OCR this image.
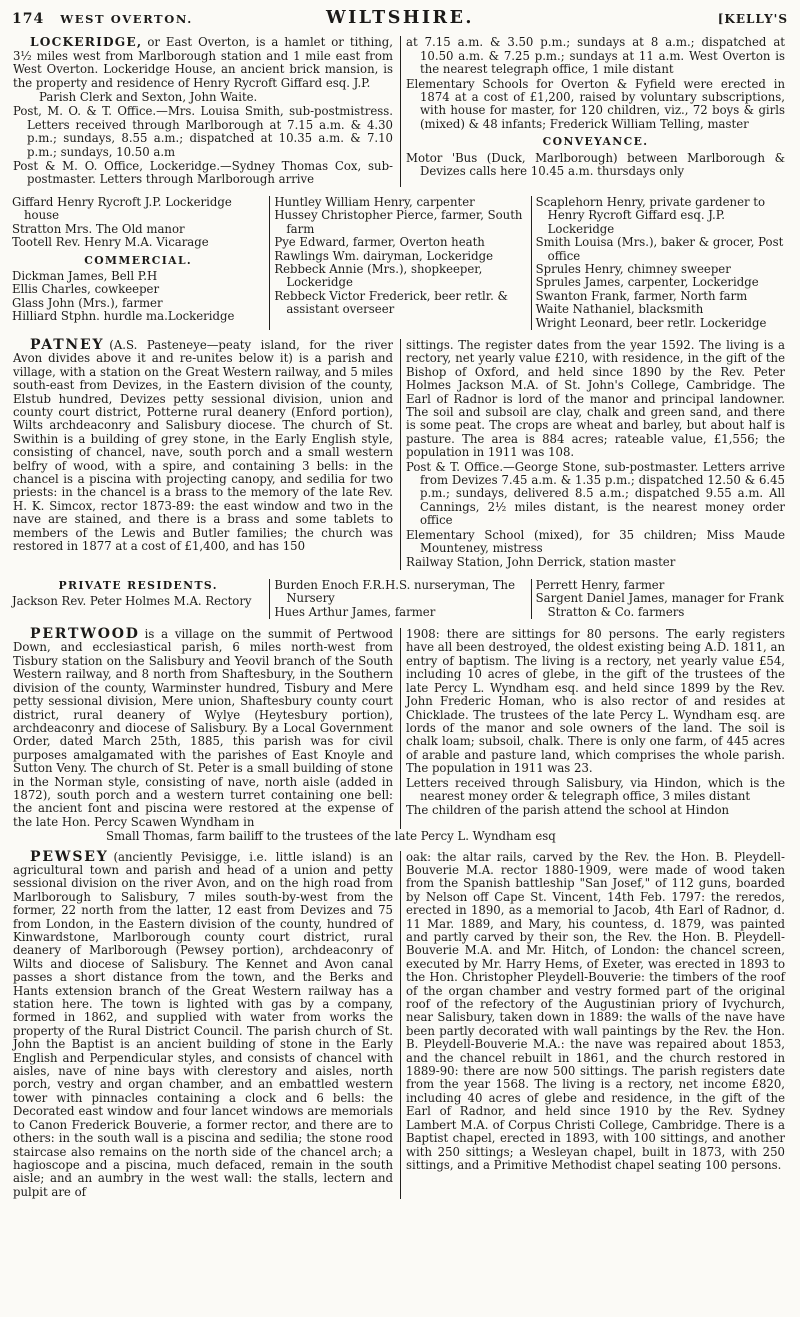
174 WEST OVERTON.	WILTSHIRE.	[KELLY'S

LOCKERIDGE, or East Overton, is a hamlet or tithing, 3½ miles west from Marlborough station and 1 mile east from West Overton. Lockeridge House, an ancient brick mansion, is the property and residence of Henry Rycroft Giffard esq. J.P.

Parish Clerk and Sexton, John Waite.

Post, M. O. & T. Office.—Mrs. Louisa Smith, sub-postmistress. Letters received through Marlborough at 7.15 a.m. & 4.30 p.m.; sundays, 8.55 a.m.; dispatched at 10.35 a.m. & 7.10 p.m.; sundays, 10.50 a.m

Post & M. O. Office, Lockeridge.—Sydney Thomas Cox, sub-postmaster. Letters through Marlborough arrive

at 7.15 a.m. & 3.50 p.m.; sundays at 8 a.m.; dispatched at 10.50 a.m. & 7.25 p.m.; sundays at 11 a.m. West Overton is the nearest telegraph office, 1 mile distant

Elementary Schools for Overton & Fyfield were erected in 1874 at a cost of £1,200, raised by voluntary subscriptions, with house for master, for 120 children, viz., 72 boys & girls (mixed) & 48 infants; Frederick William Telling, master

CONVEYANCE.

Motor 'Bus (Duck, Marlborough) between Marlborough & Devizes calls here 10.45 a.m. thursdays only

Giffard Henry Rycroft J.P. Lockeridge house
Stratton Mrs. The Old manor
Tootell Rev. Henry M.A. Vicarage
COMMERCIAL.
Dickman James, Bell P.H
Ellis Charles, cowkeeper
Glass John (Mrs.), farmer
Hilliard Stphn. hurdle ma.Lockeridge
Huntley William Henry, carpenter
Hussey Christopher Pierce, farmer, South farm
Pye Edward, farmer, Overton heath
Rawlings Wm. dairyman, Lockeridge
Rebbeck Annie (Mrs.), shopkeeper, Lockeridge
Rebbeck Victor Frederick, beer retlr. & assistant overseer
Scaplehorn Henry, private gardener to Henry Rycroft Giffard esq. J.P. Lockeridge
Smith Louisa (Mrs.), baker & grocer, Post office
Sprules Henry, chimney sweeper
Sprules James, carpenter, Lockeridge
Swanton Frank, farmer, North farm
Waite Nathaniel, blacksmith
Wright Leonard, beer retlr. Lockeridge

PATNEY (A.S. Pasteneye—peaty island, for the river Avon divides above it and re-unites below it) is a parish and village, with a station on the Great Western railway, and 5 miles south-east from Devizes, in the Eastern division of the county, Elstub hundred, Devizes petty sessional division, union and county court district, Potterne rural deanery (Enford portion), Wilts archdeaconry and Salisbury diocese. The church of St. Swithin is a building of grey stone, in the Early English style, consisting of chancel, nave, south porch and a small western belfry of wood, with a spire, and containing 3 bells: in the chancel is a piscina with projecting canopy, and sedilia for two priests: in the chancel is a brass to the memory of the late Rev. H. K. Simcox, rector 1873-89: the east window and two in the nave are stained, and there is a brass and some tablets to members of the Lewis and Butler families; the church was restored in 1877 at a cost of £1,400, and has 150

sittings. The register dates from the year 1592. The living is a rectory, net yearly value £210, with residence, in the gift of the Bishop of Oxford, and held since 1890 by the Rev. Peter Holmes Jackson M.A. of St. John's College, Cambridge. The Earl of Radnor is lord of the manor and principal landowner. The soil and subsoil are clay, chalk and green sand, and there is some peat. The crops are wheat and barley, but about half is pasture. The area is 884 acres; rateable value, £1,556; the population in 1911 was 108.

Post & T. Office.—George Stone, sub-postmaster. Letters arrive from Devizes 7.45 a.m. & 1.35 p.m.; dispatched 12.50 & 6.45 p.m.; sundays, delivered 8.5 a.m.; dispatched 9.55 a.m. All Cannings, 2½ miles distant, is the nearest money order office

Elementary School (mixed), for 35 children; Miss Maude Mounteney, mistress

Railway Station, John Derrick, station master

PRIVATE RESIDENTS.
Jackson Rev. Peter Holmes M.A. Rectory
Burden Enoch F.R.H.S. nurseryman, The Nursery
Hues Arthur James, farmer
Perrett Henry, farmer
Sargent Daniel James, manager for Frank Stratton & Co. farmers

PERTWOOD is a village on the summit of Pertwood Down, and ecclesiastical parish, 6 miles north-west from Tisbury station on the Salisbury and Yeovil branch of the South Western railway, and 8 north from Shaftesbury, in the Southern division of the county, Warminster hundred, Tisbury and Mere petty sessional division, Mere union, Shaftesbury county court district, rural deanery of Wylye (Heytesbury portion), archdeaconry and diocese of Salisbury. By a Local Government Order, dated March 25th, 1885, this parish was for civil purposes amalgamated with the parishes of East Knoyle and Sutton Veny. The church of St. Peter is a small building of stone in the Norman style, consisting of nave, north aisle (added in 1872), south porch and a western turret containing one bell: the ancient font and piscina were restored at the expense of the late Hon. Percy Scawen Wyndham in

1908: there are sittings for 80 persons. The early registers have all been destroyed, the oldest existing being A.D. 1811, an entry of baptism. The living is a rectory, net yearly value £54, including 10 acres of glebe, in the gift of the trustees of the late Percy L. Wyndham esq. and held since 1899 by the Rev. John Frederic Homan, who is also rector of and resides at Chicklade. The trustees of the late Percy L. Wyndham esq. are lords of the manor and sole owners of the land. The soil is chalk loam; subsoil, chalk. There is only one farm, of 445 acres of arable and pasture land, which comprises the whole parish. The population in 1911 was 23.

Letters received through Salisbury, via Hindon, which is the nearest money order & telegraph office, 3 miles distant

The children of the parish attend the school at Hindon

Small Thomas, farm bailiff to the trustees of the late Percy L. Wyndham esq

PEWSEY (anciently Pevisigge, i.e. little island) is an agricultural town and parish and head of a union and petty sessional division on the river Avon, and on the high road from Marlborough to Salisbury, 7 miles south-by-west from the former, 22 north from the latter, 12 east from Devizes and 75 from London, in the Eastern division of the county, hundred of Kinwardstone, Marlborough county court district, rural deanery of Marlborough (Pewsey portion), archdeaconry of Wilts and diocese of Salisbury. The Kennet and Avon canal passes a short distance from the town, and the Berks and Hants extension branch of the Great Western railway has a station here. The town is lighted with gas by a company, formed in 1862, and supplied with water from works the property of the Rural District Council. The parish church of St. John the Baptist is an ancient building of stone in the Early English and Perpendicular styles, and consists of chancel with aisles, nave of nine bays with clerestory and aisles, north porch, vestry and organ chamber, and an embattled western tower with pinnacles containing a clock and 6 bells: the Decorated east window and four lancet windows are memorials to Canon Frederick Bouverie, a former rector, and there are to others: in the south wall is a piscina and sedilia; the stone rood staircase also remains on the north side of the chancel arch; a hagioscope and a piscina, much defaced, remain in the south aisle; and an aumbry in the west wall: the stalls, lectern and pulpit are of

oak: the altar rails, carved by the Rev. the Hon. B. Pleydell-Bouverie M.A. rector 1880-1909, were made of wood taken from the Spanish battleship "San Josef," of 112 guns, boarded by Nelson off Cape St. Vincent, 14th Feb. 1797: the reredos, erected in 1890, as a memorial to Jacob, 4th Earl of Radnor, d. 11 Mar. 1889, and Mary, his countess, d. 1879, was painted and partly carved by their son, the Rev. the Hon. B. Pleydell-Bouverie M.A. and Mr. Hitch, of London: the chancel screen, executed by Mr. Harry Hems, of Exeter, was erected in 1893 to the Hon. Christopher Pleydell-Bouverie: the timbers of the roof of the organ chamber and vestry formed part of the original roof of the refectory of the Augustinian priory of Ivychurch, near Salisbury, taken down in 1889: the walls of the nave have been partly decorated with wall paintings by the Rev. the Hon. B. Pleydell-Bouverie M.A.: the nave was repaired about 1853, and the chancel rebuilt in 1861, and the church restored in 1889-90: there are now 500 sittings. The parish registers date from the year 1568. The living is a rectory, net income £820, including 40 acres of glebe and residence, in the gift of the Earl of Radnor, and held since 1910 by the Rev. Sydney Lambert M.A. of Corpus Christi College, Cambridge. There is a Baptist chapel, erected in 1893, with 100 sittings, and another with 250 sittings; a Wesleyan chapel, built in 1873, with 250 sittings, and a Primitive Methodist chapel seating 100 persons.
